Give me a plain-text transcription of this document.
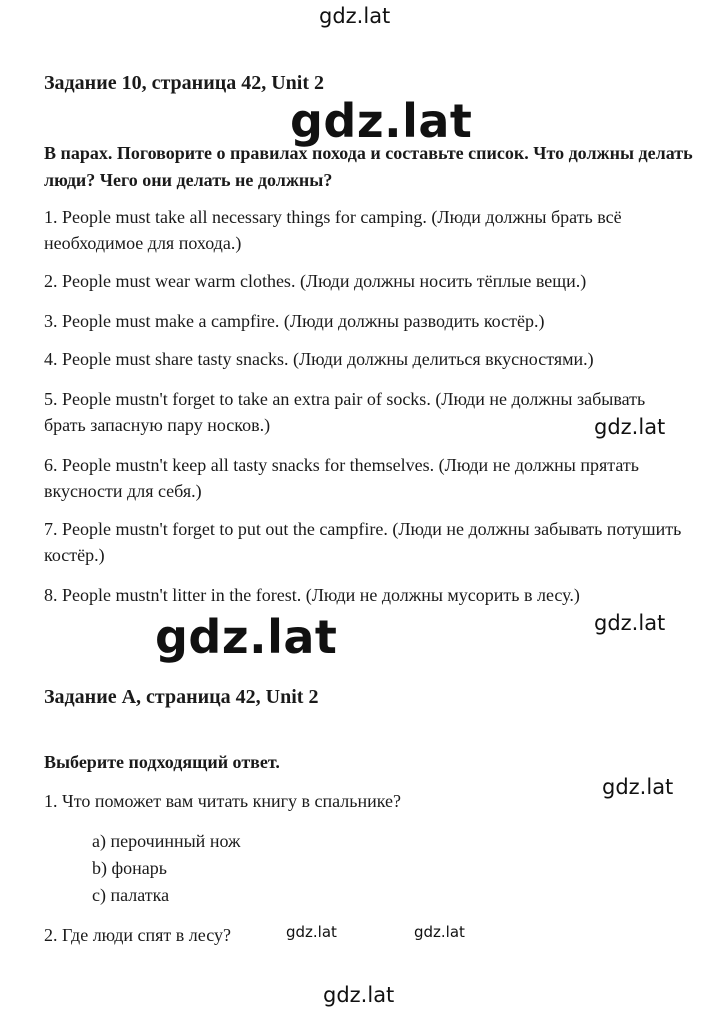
gdz.lat
gdz.lat
Задание 10, страница 42, Unit 2
В парах. Поговорите о правилах похода и составьте список. Что должны делать люди? Чего они делать не должны?
1. People must take all necessary things for camping. (Люди должны брать всё необходимое для похода.)
2. People must wear warm clothes. (Люди должны носить тёплые вещи.)
3. People must make a campfire. (Люди должны разводить костёр.)
4. People must share tasty snacks. (Люди должны делиться вкусностями.)
5. People mustn't forget to take an extra pair of socks. (Люди не должны забывать брать запасную пару носков.)	gdz.lat
6. People mustn't keep all tasty snacks for themselves. (Люди не должны прятать вкусности для себя.)
7. People mustn't forget to put out the campfire. (Люди не должны забывать потушить костёр.)
8. People mustn't litter in the forest. (Люди не должны мусорить в лесу.)
gdz.lat	gdz.lat
Задание A, страница 42, Unit 2
Выберите подходящий ответ.
gdz.lat
1. Что поможет вам читать книгу в спальнике?
a) перочинный нож
b) фонарь
c) палатка
2. Где люди спят в лесу?	gdz.lat	gdz.lat
gdz.lat
